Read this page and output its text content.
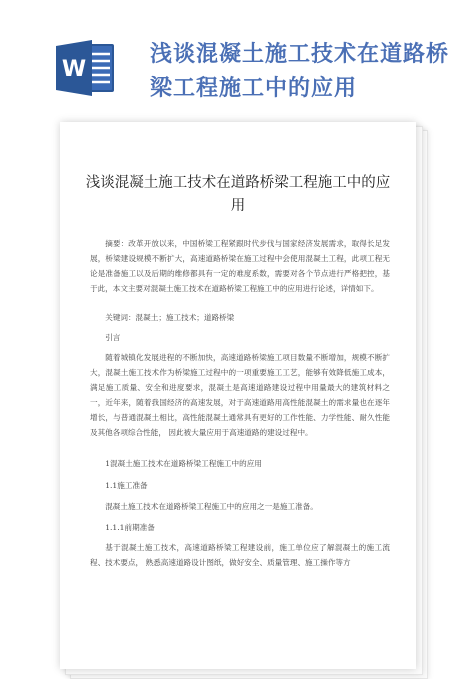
W
浅谈混凝土施工技术在道路桥梁工程施工中的应用
浅谈混凝土施工技术在道路桥梁工程施工中的应用
摘要：改革开放以来，中国桥梁工程紧跟时代步伐与国家经济发展需求，取得长足发展，桥梁建设规模不断扩大，高速道路桥梁在施工过程中会使用混凝土工程，此项工程无论是准备施工以及后期的维修都具有一定的难度系数，需要对各个节点进行严格把控，基于此，本文主要对混凝土施工技术在道路桥梁工程施工中的应用进行论述，详情如下。
关键词：混凝土；施工技术；道路桥梁
引言
随着城镇化发展进程的不断加快，高速道路桥梁施工项目数量不断增加，规模不断扩大，混凝土施工技术作为桥梁施工过程中的一项重要施工工艺，能够有效降低施工成本， 满足施工质量、安全和进度要求，混凝土是高速道路建设过程中用量最大的建筑材料之一，近年来，随着我国经济的高速发展，对于高速道路用高性能混凝土的需求量也在逐年增长，与普通混凝土相比，高性能混凝土通常具有更好的工作性能、力学性能、耐久性能及其他各项综合性能， 因此被大量应用于高速道路的建设过程中。
1混凝土施工技术在道路桥梁工程施工中的应用
1.1施工准备
混凝土施工技术在道路桥梁工程施工中的应用之一是施工准备。
1.1.1前期准备
基于混凝土施工技术，高速道路桥梁工程建设前，施工单位应了解混凝土的施工流程、技术要点， 熟悉高速道路设计图纸，做好安全、质量管理、施工操作等方
